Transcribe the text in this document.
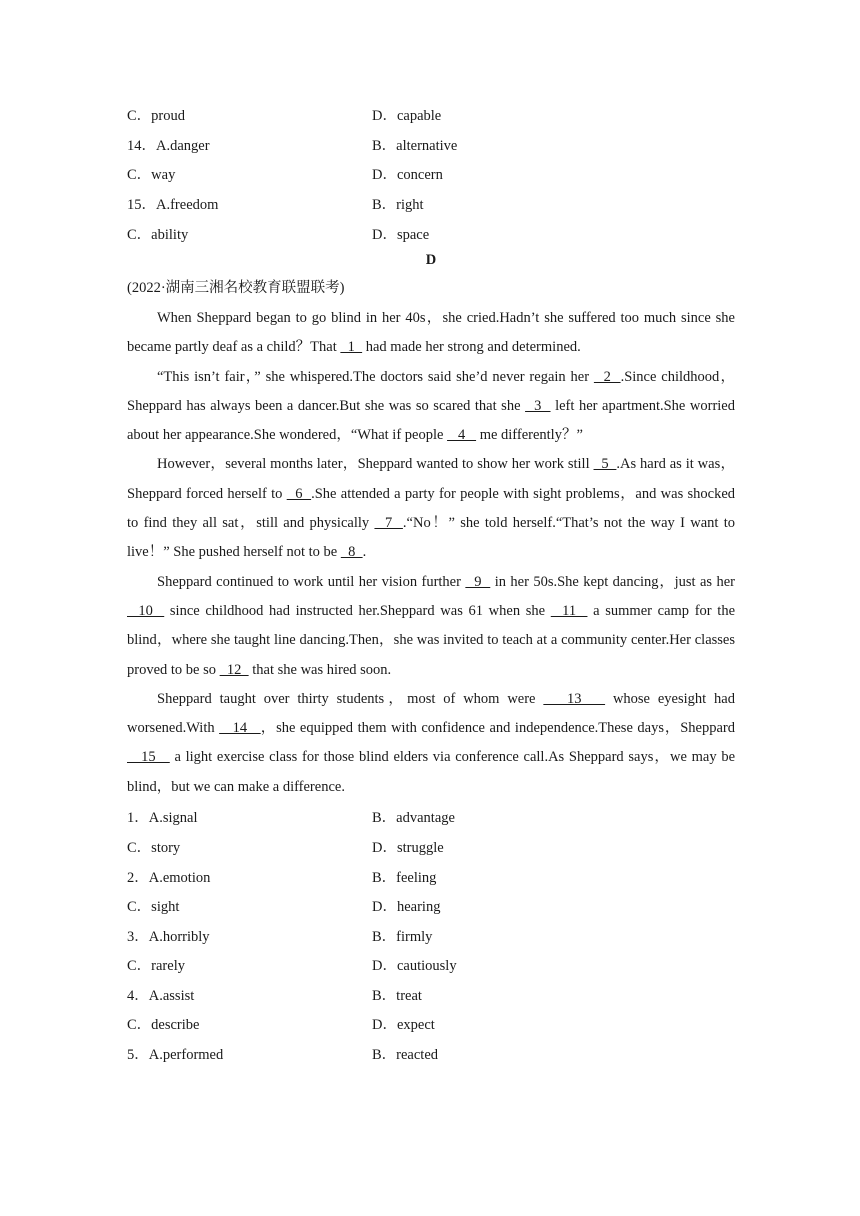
C．proud	D．capable
14．A.danger	B．alternative
C．way	D．concern
15．A.freedom	B．right
C．ability	D．space
D
(2022·湖南三湘名校教育联盟联考)

When Sheppard began to go blind in her 40s，she cried.Hadn’t she suffered too much since she became partly deaf as a child？That   1   had made her strong and determined.

“This isn’t fair，” she whispered.The doctors said she’d never regain her   2  .Since childhood，Sheppard has always been a dancer.But she was so scared that she   3   left her apartment.She worried about her appearance.She wondered，“What if people    4    me differently？”

However，several months later，Sheppard wanted to show her work still   5  .As hard as it was，Sheppard forced herself to   6  .She attended a party for people with sight problems，and was shocked to find they all sat，still and physically   7  .“No！” she told herself.“That’s not the way I want to live！” She pushed herself not to be   8  .

Sheppard continued to work until her vision further   9   in her 50s.She kept dancing，just as her   10   since childhood had instructed her.Sheppard was 61 when she   11   a summer camp for the blind，where she taught line dancing.Then，she was invited to teach at a community center.Her classes proved to be so   12   that she was hired soon.

Sheppard taught over thirty students，most of whom were    13    whose eyesight had worsened.With    14   ，she equipped them with confidence and independence.These days，Sheppard    15    a light exercise class for those blind elders via conference call.As Sheppard says，we may be blind，but we can make a difference.

1．A.signal	B．advantage
C．story	D．struggle
2．A.emotion	B．feeling
C．sight	D．hearing
3．A.horribly	B．firmly
C．rarely	D．cautiously
4．A.assist	B．treat
C．describe	D．expect
5．A.performed	B．reacted
